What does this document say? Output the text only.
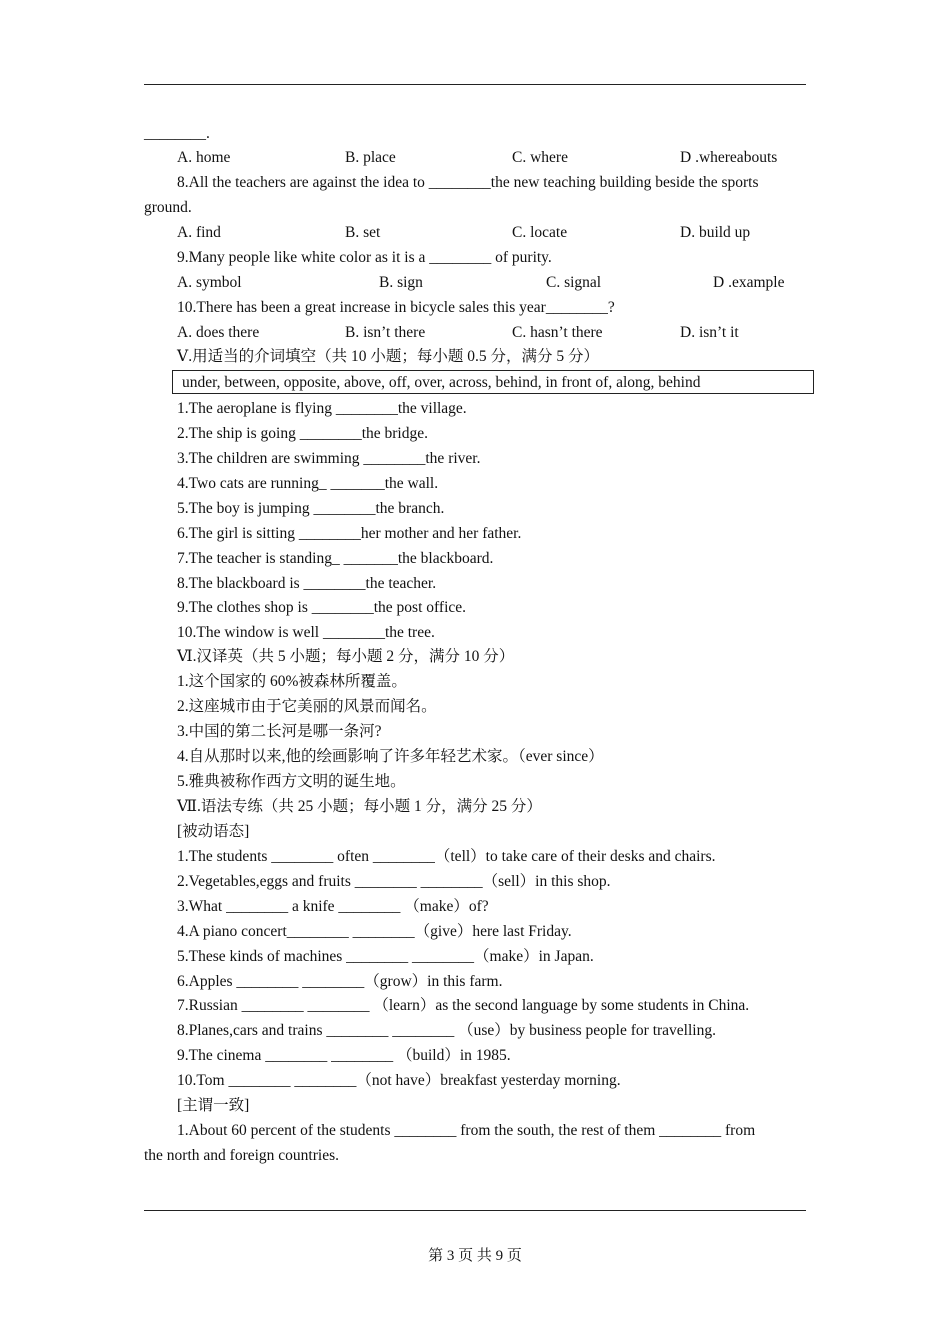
________.
A. home	B. place	C. where	D .whereabouts
8.All the teachers are against the idea to ________the new teaching building beside the sports
ground.
A. find	B. set	C. locate	D. build up
9.Many people like white color as it is a ________ of purity.
A. symbol	B. sign	C. signal	D .example
10.There has been a great increase in bicycle sales this year________?
A. does there	B. isn’t there	C. hasn’t there	D. isn’t it
Ⅴ.用适当的介词填空（共 10 小题；每小题 0.5 分，满分 5 分）
under, between, opposite, above, off, over, across, behind, in front of, along, behind
1.The aeroplane is flying ________the village.
2.The ship is going ________the bridge.
3.The children are swimming ________the river.
4.Two cats are running_ _______the wall.
5.The boy is jumping ________the branch.
6.The girl is sitting ________her mother and her father.
7.The teacher is standing_ _______the blackboard.
8.The blackboard is ________the teacher.
9.The clothes shop is ________the post office.
10.The window is well ________the tree.
Ⅵ.汉译英（共 5 小题；每小题 2 分，满分 10 分）
1.这个国家的 60%被森林所覆盖。
2.这座城市由于它美丽的风景而闻名。
3.中国的第二长河是哪一条河?
4.自从那时以来,他的绘画影响了许多年轻艺术家。（ever since）
5.雅典被称作西方文明的诞生地。
Ⅶ.语法专练（共 25 小题；每小题 1 分，满分 25 分）
[被动语态]
1.The students ________ often ________（tell）to take care of their desks and chairs.
2.Vegetables,eggs and fruits ________ ________（sell）in this shop.
3.What ________ a knife ________ （make）of?
4.A piano concert________ ________（give）here last Friday.
5.These kinds of machines ________ ________（make）in Japan.
6.Apples ________ ________（grow）in this farm.
7.Russian ________ ________ （learn）as the second language by some students in China.
8.Planes,cars and trains ________ ________ （use）by business people for travelling.
9.The cinema ________ ________ （build）in 1985.
10.Tom ________ ________（not have）breakfast yesterday morning.
[主谓一致]
1.About 60 percent of the students ________ from the south, the rest of them ________ from
the north and foreign countries.
第 3 页 共 9 页
